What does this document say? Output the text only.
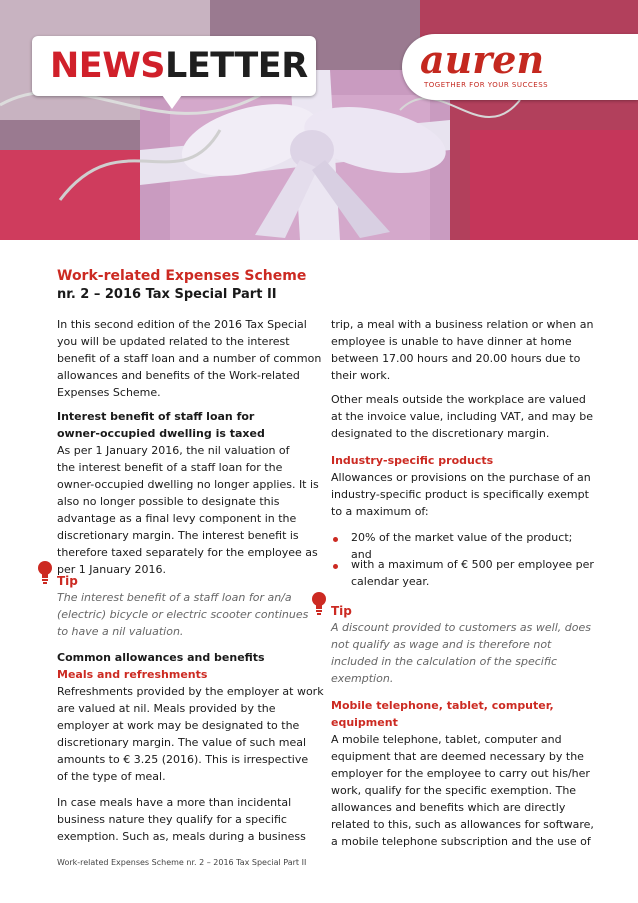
NEWSLETTER	auren
TOGETHER FOR YOUR SUCCESS
Work-related Expenses Scheme
nr. 2 – 2016 Tax Special Part II
In this second edition of the 2016 Tax Special
you will be updated related to the interest
benefit of a staff loan and a number of common
allowances and benefits of the Work-related
Expenses Scheme.
Interest benefit of staff loan for
owner-occupied dwelling is taxed
As per 1 January 2016, the nil valuation of
the interest benefit of a staff loan for the
owner-occupied dwelling no longer applies. It is
also no longer possible to designate this
advantage as a final levy component in the
discretionary margin. The interest benefit is
therefore taxed separately for the employee as
per 1 January 2016.
Tip
The interest benefit of a staff loan for an/a
(electric) bicycle or electric scooter continues
to have a nil valuation.
Common allowances and benefits
Meals and refreshments
Refreshments provided by the employer at work
are valued at nil. Meals provided by the
employer at work may be designated to the
discretionary margin. The value of such meal
amounts to € 3.25 (2016). This is irrespective
of the type of meal.
In case meals have a more than incidental
business nature they qualify for a specific
exemption. Such as, meals during a business
trip, a meal with a business relation or when an
employee is unable to have dinner at home
between 17.00 hours and 20.00 hours due to
their work.
Other meals outside the workplace are valued
at the invoice value, including VAT, and may be
designated to the discretionary margin.
Industry-specific products
Allowances or provisions on the purchase of an
industry-specific product is specifically exempt
to a maximum of:
20% of the market value of the product;
and
with a maximum of € 500 per employee per
calendar year.
Tip
A discount provided to customers as well, does
not qualify as wage and is therefore not
included in the calculation of the specific
exemption.
Mobile telephone, tablet, computer,
equipment
A mobile telephone, tablet, computer and
equipment that are deemed necessary by the
employer for the employee to carry out his/her
work, qualify for the specific exemption. The
allowances and benefits which are directly
related to this, such as allowances for software,
a mobile telephone subscription and the use of
Work-related Expenses Scheme nr. 2 – 2016 Tax Special Part II
